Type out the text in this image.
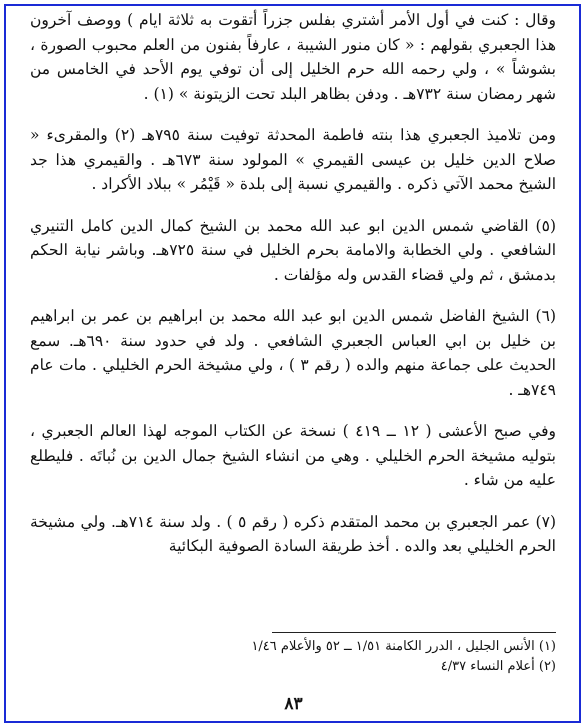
وقال : كنت في أول الأمر أشتري بفلس جزراً أتقوت به ثلاثة ايام ) ووصف آخرون هذا الجعبري بقولهم : « كان منور الشيبة ، عارفاً بفنون من العلم محبوب الصورة ، بشوشاً » ، ولي رحمه الله حرم الخليل إلى أن توفي يوم الأحد في الخامس من شهر رمضان سنة ٧٣٢هـ . ودفن بظاهر البلد تحت الزيتونة » (١) .

ومن تلاميذ الجعبري هذا بنته فاطمة المحدثة توفيت سنة ٧٩٥هـ (٢) والمقرىء « صلاح الدين خليل بن عيسى القيمري » المولود سنة ٦٧٣هـ . والقيمري هذا جد الشيخ محمد الآتي ذكره . والقيمري نسبة إلى بلدة « قَيْمُر » ببلاد الأكراد .

(٥) القاضي شمس الدين ابو عبد الله محمد بن الشيخ كمال الدين كامل التنيري الشافعي . ولي الخطابة والامامة بحرم الخليل في سنة ٧٢٥هـ. وباشر نيابة الحكم بدمشق ، ثم ولي قضاء القدس وله مؤلفات .

(٦) الشيخ الفاضل شمس الدين ابو عبد الله محمد بن ابراهيم بن عمر بن ابراهيم بن خليل بن ابي العباس الجعبري الشافعي . ولد في حدود سنة ٦٩٠هـ. سمع الحديث على جماعة منهم والده ( رقم ٣ ) ، ولي مشيخة الحرم الخليلي . مات عام ٧٤٩هـ .

وفي صبح الأعشى ( ١٢ ــ ٤١٩ ) نسخة عن الكتاب الموجه لهذا العالم الجعبري ، بتوليه مشيخة الحرم الخليلي . وهي من انشاء الشيخ جمال الدين بن نُباتَه . فليطلع عليه من شاء .

(٧) عمر الجعبري بن محمد المتقدم ذكره ( رقم ٥ ) . ولد سنة ٧١٤هـ. ولي مشيخة الحرم الخليلي بعد والده . أخذ طريقة السادة الصوفية البكائية

(١) الأنس الجليل ، الدرر الكامنة ١/٥١ ــ ٥٢ والأعلام ١/٤٦
(٢) أعلام النساء ٤/٣٧
٨٣
